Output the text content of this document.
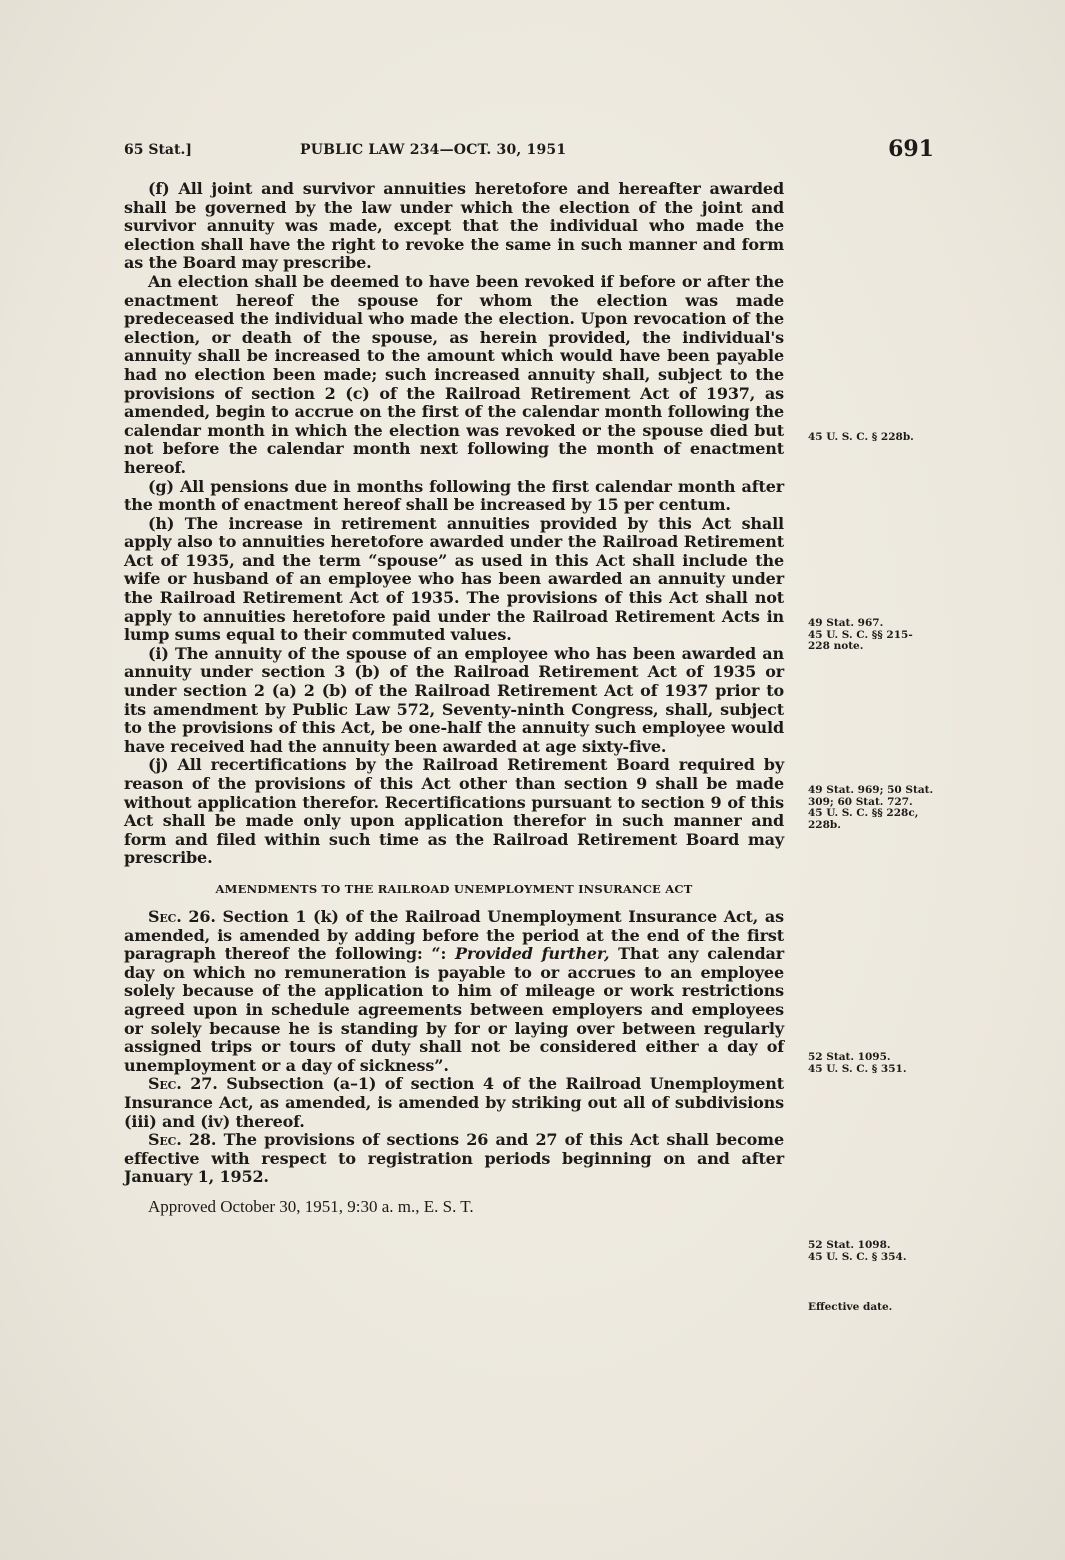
65 Stat.]	PUBLIC LAW 234—OCT. 30, 1951	691

(f) All joint and survivor annuities heretofore and hereafter awarded shall be governed by the law under which the election of the joint and survivor annuity was made, except that the individual who made the election shall have the right to revoke the same in such manner and form as the Board may prescribe.

An election shall be deemed to have been revoked if before or after the enactment hereof the spouse for whom the election was made predeceased the individual who made the election. Upon revocation of the election, or death of the spouse, as herein provided, the individual's annuity shall be increased to the amount which would have been payable had no election been made; such increased annuity shall, subject to the provisions of section 2 (c) of the Railroad Retirement Act of 1937, as amended, begin to accrue on the first of the calendar month following the calendar month in which the election was revoked or the spouse died but not before the calendar month next following the month of enactment hereof.

(g) All pensions due in months following the first calendar month after the month of enactment hereof shall be increased by 15 per centum.

(h) The increase in retirement annuities provided by this Act shall apply also to annuities heretofore awarded under the Railroad Retirement Act of 1935, and the term “spouse” as used in this Act shall include the wife or husband of an employee who has been awarded an annuity under the Railroad Retirement Act of 1935. The provisions of this Act shall not apply to annuities heretofore paid under the Railroad Retirement Acts in lump sums equal to their commuted values.

(i) The annuity of the spouse of an employee who has been awarded an annuity under section 3 (b) of the Railroad Retirement Act of 1935 or under section 2 (a) 2 (b) of the Railroad Retirement Act of 1937 prior to its amendment by Public Law 572, Seventy-ninth Congress, shall, subject to the provisions of this Act, be one-half the annuity such employee would have received had the annuity been awarded at age sixty-five.

(j) All recertifications by the Railroad Retirement Board required by reason of the provisions of this Act other than section 9 shall be made without application therefor. Recertifications pursuant to section 9 of this Act shall be made only upon application therefor in such manner and form and filed within such time as the Railroad Retirement Board may prescribe.

AMENDMENTS TO THE RAILROAD UNEMPLOYMENT INSURANCE ACT

Sec. 26. Section 1 (k) of the Railroad Unemployment Insurance Act, as amended, is amended by adding before the period at the end of the first paragraph thereof the following: “: Provided further, That any calendar day on which no remuneration is payable to or accrues to an employee solely because of the application to him of mileage or work restrictions agreed upon in schedule agreements between employers and employees or solely because he is standing by for or laying over between regularly assigned trips or tours of duty shall not be considered either a day of unemployment or a day of sickness”.

Sec. 27. Subsection (a–1) of section 4 of the Railroad Unemployment Insurance Act, as amended, is amended by striking out all of subdivisions (iii) and (iv) thereof.

Sec. 28. The provisions of sections 26 and 27 of this Act shall become effective with respect to registration periods beginning on and after January 1, 1952.

Approved October 30, 1951, 9:30 a. m., E. S. T.

45 U. S. C. § 228b.
49 Stat. 967.
45 U. S. C. §§ 215-
228 note.
49 Stat. 969; 50 Stat.
309; 60 Stat. 727.
45 U. S. C. §§ 228c,
228b.
52 Stat. 1095.
45 U. S. C. § 351.
52 Stat. 1098.
45 U. S. C. § 354.
Effective date.
